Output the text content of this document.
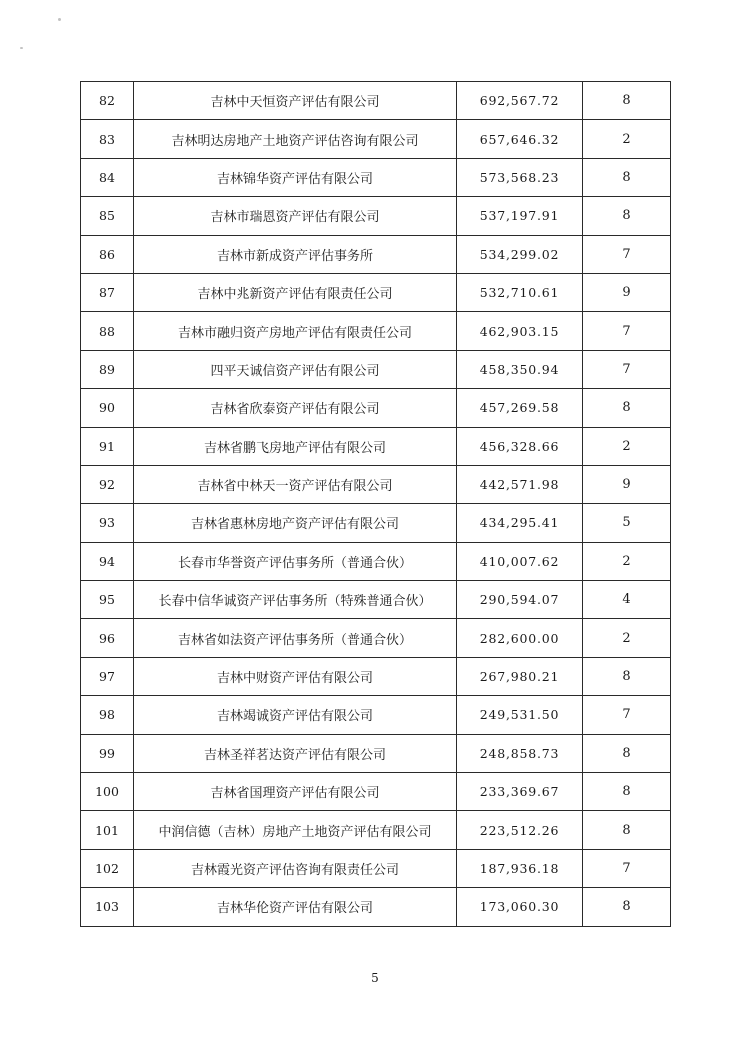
82	吉林中天恒资产评估有限公司	692,567.72	8
83	吉林明达房地产土地资产评估咨询有限公司	657,646.32	2
84	吉林锦华资产评估有限公司	573,568.23	8
85	吉林市瑞恩资产评估有限公司	537,197.91	8
86	吉林市新成资产评估事务所	534,299.02	7
87	吉林中兆新资产评估有限责任公司	532,710.61	9
88	吉林市融归资产房地产评估有限责任公司	462,903.15	7
89	四平天诚信资产评估有限公司	458,350.94	7
90	吉林省欣泰资产评估有限公司	457,269.58	8
91	吉林省鹏飞房地产评估有限公司	456,328.66	2
92	吉林省中林天一资产评估有限公司	442,571.98	9
93	吉林省惠林房地产资产评估有限公司	434,295.41	5
94	长春市华誉资产评估事务所（普通合伙）	410,007.62	2
95	长春中信华诚资产评估事务所（特殊普通合伙）	290,594.07	4
96	吉林省如法资产评估事务所（普通合伙）	282,600.00	2
97	吉林中财资产评估有限公司	267,980.21	8
98	吉林竭诚资产评估有限公司	249,531.50	7
99	吉林圣祥茗达资产评估有限公司	248,858.73	8
100	吉林省国理资产评估有限公司	233,369.67	8
101	中润信德（吉林）房地产土地资产评估有限公司	223,512.26	8
102	吉林霞光资产评估咨询有限责任公司	187,936.18	7
103	吉林华伦资产评估有限公司	173,060.30	8
5
